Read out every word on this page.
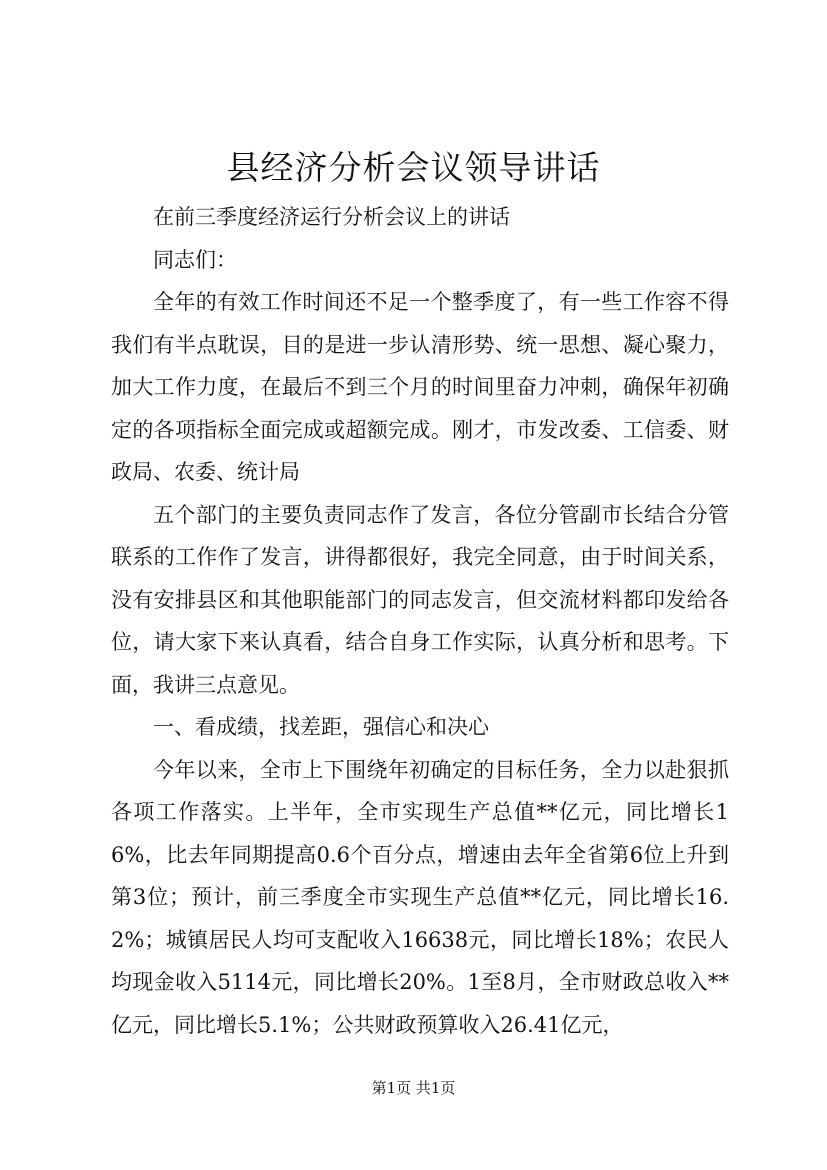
县经济分析会议领导讲话

在前三季度经济运行分析会议上的讲话

同志们：

全年的有效工作时间还不足一个整季度了，有一些工作容不得我们有半点耽误，目的是进一步认清形势、统一思想、凝心聚力，加大工作力度，在最后不到三个月的时间里奋力冲刺，确保年初确定的各项指标全面完成或超额完成。刚才，市发改委、工信委、财政局、农委、统计局

五个部门的主要负责同志作了发言，各位分管副市长结合分管联系的工作作了发言，讲得都很好，我完全同意，由于时间关系，没有安排县区和其他职能部门的同志发言，但交流材料都印发给各位，请大家下来认真看，结合自身工作实际，认真分析和思考。下面，我讲三点意见。

一、看成绩，找差距，强信心和决心

今年以来，全市上下围绕年初确定的目标任务，全力以赴狠抓各项工作落实。上半年，全市实现生产总值**亿元，同比增长16%，比去年同期提高0.6个百分点，增速由去年全省第6位上升到第3位；预计，前三季度全市实现生产总值**亿元，同比增长16.2%；城镇居民人均可支配收入16638元，同比增长18%；农民人均现金收入5114元，同比增长20%。1至8月，全市财政总收入**亿元，同比增长5.1%；公共财政预算收入26.41亿元，

第1页 共1页
